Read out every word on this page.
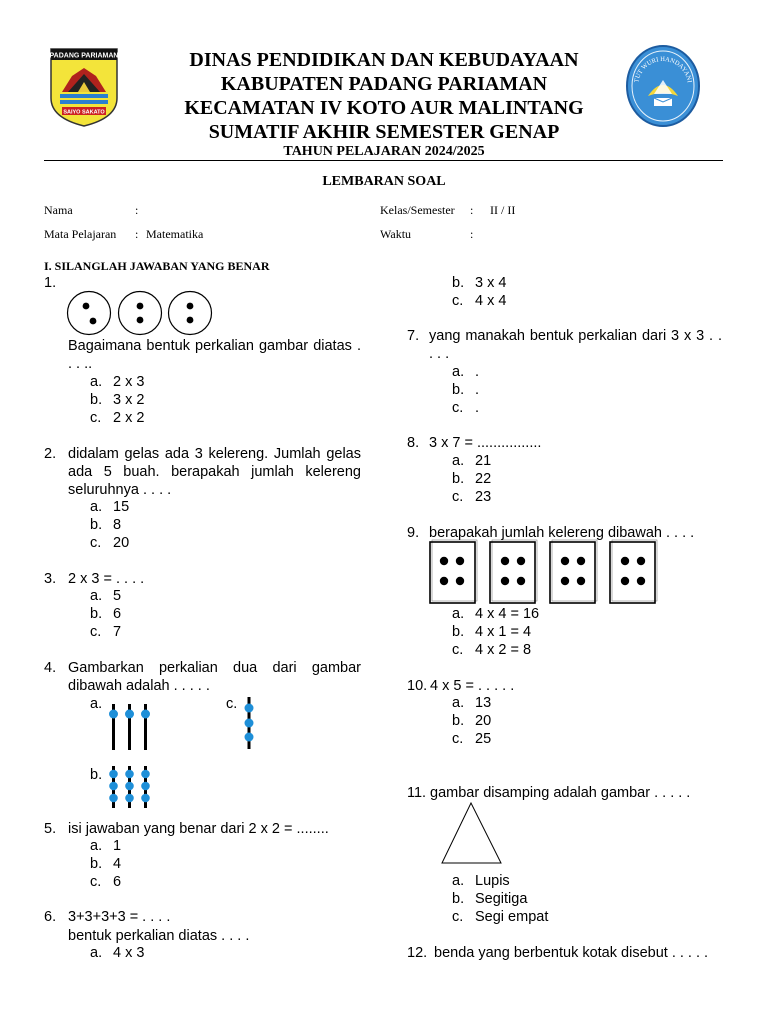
PADANG PARIAMAN
SAIYO SAKATO
TUT WURI HANDAYANI
DINAS PENDIDIKAN DAN KEBUDAYAAN
KABUPATEN PADANG PARIAMAN
KECAMATAN IV KOTO AUR MALINTANG
SUMATIF AKHIR SEMESTER GENAP
TAHUN PELAJARAN 2024/2025
LEMBARAN SOAL
Nama	:	Kelas/Semester : II / II
Mata Pelajaran : Matematika	Waktu	:
I. SILANGLAH JAWABAN YANG BENAR
1.
Bagaimana bentuk perkalian gambar diatas . . . ..
a. 2 x 3
b. 3 x 2
c. 2 x 2
2. didalam gelas ada 3 kelereng. Jumlah gelas ada 5 buah. berapakah jumlah kelereng seluruhnya . . . .
a. 15
b. 8
c. 20
3. 2 x 3 = . . . .
a. 5
b. 6
c. 7
4. Gambarkan perkalian dua dari gambar dibawah adalah . . . . .
a.	c.
b.
5. isi jawaban yang benar dari 2 x 2 = ........
a. 1
b. 4
c. 6
6. 3+3+3+3 = . . . .
bentuk perkalian diatas . . . .
a. 4 x 3
b. 3 x 4
c. 4 x 4
7. yang manakah bentuk perkalian dari 3 x 3 . . . . .
a. .
b. .
c. .
8. 3 x 7 = ................
a. 21
b. 22
c. 23
9. berapakah jumlah kelereng dibawah . . . .
a. 4 x 4 = 16
b. 4 x 1 = 4
c. 4 x 2 = 8
10. 4 x 5 = . . . . .
a. 13
b. 20
c. 25
11. gambar disamping adalah gambar . . . . .
a. Lupis
b. Segitiga
c. Segi empat
12. benda yang berbentuk kotak disebut . . . . .
